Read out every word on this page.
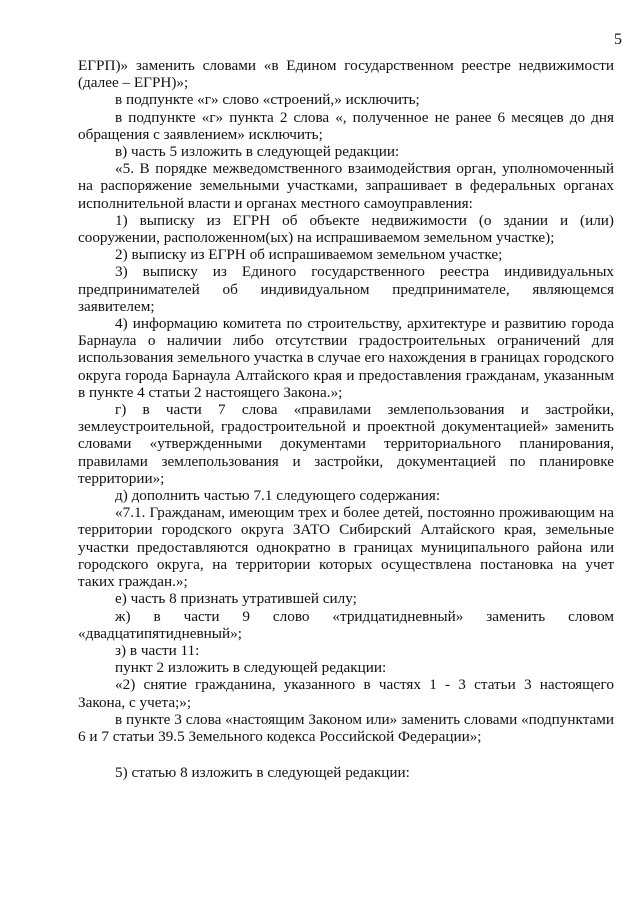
5

ЕГРП)» заменить словами «в Едином государственном реестре недвижимости (далее – ЕГРН)»;

в подпункте «г» слово «строений,» исключить;

в подпункте «г» пункта 2 слова «, полученное не ранее 6 месяцев до дня обращения с заявлением» исключить;

в) часть 5 изложить в следующей редакции:

«5. В порядке межведомственного взаимодействия орган, уполномоченный на распоряжение земельными участками, запрашивает в федеральных органах исполнительной власти и органах местного самоуправления:

1) выписку из ЕГРН об объекте недвижимости (о здании и (или) сооружении, расположенном(ых) на испрашиваемом земельном участке);

2) выписку из ЕГРН об испрашиваемом земельном участке;

3) выписку из Единого государственного реестра индивидуальных предпринимателей об индивидуальном предпринимателе, являющемся заявителем;

4) информацию комитета по строительству, архитектуре и развитию города Барнаула о наличии либо отсутствии градостроительных ограничений для использования земельного участка в случае его нахождения в границах городского округа города Барнаула Алтайского края и предоставления гражданам, указанным в пункте 4 статьи 2 настоящего Закона.»;

г) в части 7 слова «правилами землепользования и застройки, землеустроительной, градостроительной и проектной документацией» заменить словами «утвержденными документами территориального планирования, правилами землепользования и застройки, документацией по планировке территории»;

д) дополнить частью 7.1 следующего содержания:

«7.1. Гражданам, имеющим трех и более детей, постоянно проживающим на территории городского округа ЗАТО Сибирский Алтайского края, земельные участки предоставляются однократно в границах муниципального района или городского округа, на территории которых осуществлена постановка на учет таких граждан.»;

е) часть 8 признать утратившей силу;

ж) в части 9 слово «тридцатидневный» заменить словом «двадцатипятидневный»;

з) в части 11:

пункт 2 изложить в следующей редакции:

«2) снятие гражданина, указанного в частях 1 - 3 статьи 3 настоящего Закона, с учета;»;

в пункте 3 слова «настоящим Законом или» заменить словами «подпунктами 6 и 7 статьи 39.5 Земельного кодекса Российской Федерации»;

5) статью 8 изложить в следующей редакции:
